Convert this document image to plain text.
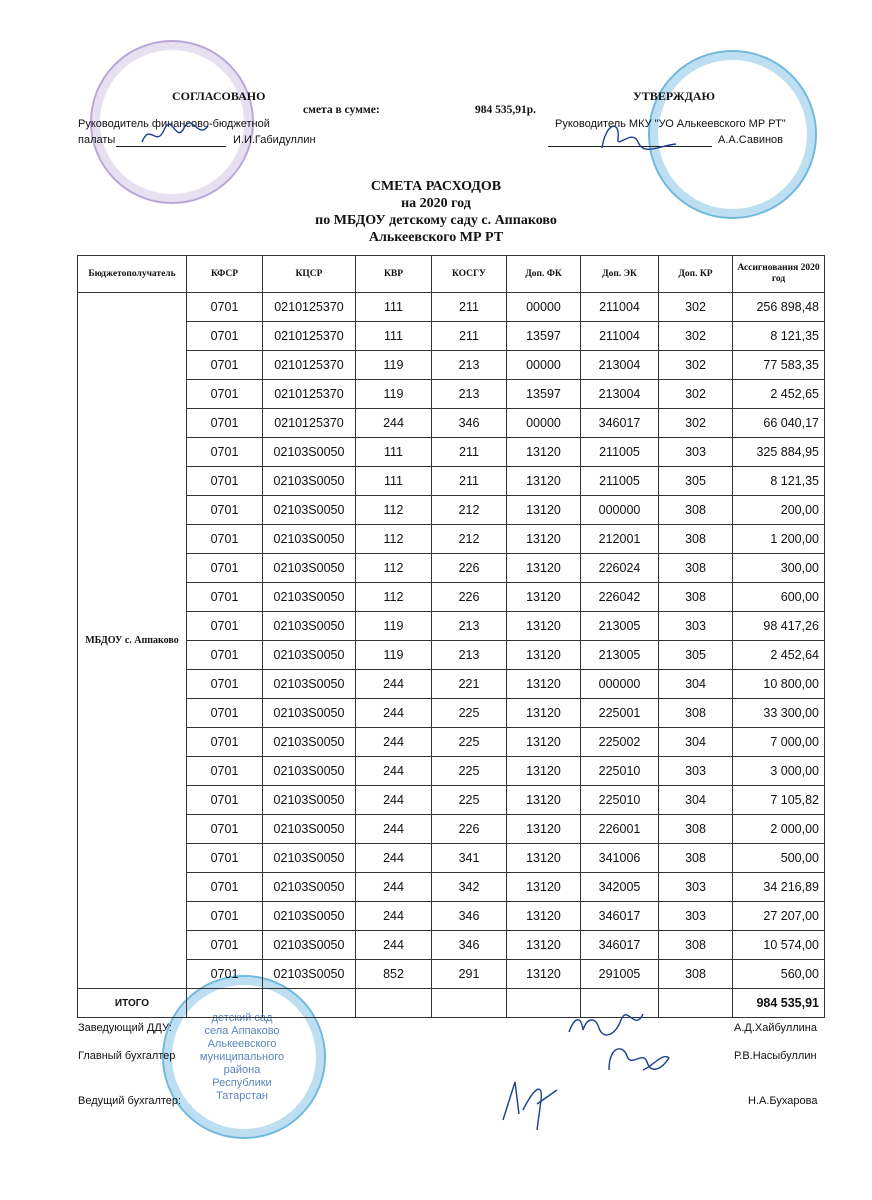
детский сад
села Аппаково
Алькеевского
муниципального района
Республики Татарстан
СОГЛАСОВАНО	УТВЕРЖДАЮ
смета в сумме:	984 535,91р.
Руководитель финансово-бюджетной
палаты	И.И.Габидуллин
Руководитель МКУ "УО Алькеевского МР РТ"
А.А.Савинов
СМЕТА РАСХОДОВ
на 2020 год
по МБДОУ детскому саду с. Аппаково
Алькеевского МР РТ
Бюджетополучатель	КФСР	КЦСР	КВР	КОСГУ	Доп. ФК	Доп. ЭК	Доп. КР	Ассигнования 2020 год
МБДОУ с. Аппаково	0701	0210125370	111	211	00000	211004	302	256 898,48
	0701	0210125370	111	211	13597	211004	302	8 121,35
	0701	0210125370	119	213	00000	213004	302	77 583,35
	0701	0210125370	119	213	13597	213004	302	2 452,65
	0701	0210125370	244	346	00000	346017	302	66 040,17
	0701	02103S0050	111	211	13120	211005	303	325 884,95
	0701	02103S0050	111	211	13120	211005	305	8 121,35
	0701	02103S0050	112	212	13120	000000	308	200,00
	0701	02103S0050	112	212	13120	212001	308	1 200,00
	0701	02103S0050	112	226	13120	226024	308	300,00
	0701	02103S0050	112	226	13120	226042	308	600,00
	0701	02103S0050	119	213	13120	213005	303	98 417,26
	0701	02103S0050	119	213	13120	213005	305	2 452,64
	0701	02103S0050	244	221	13120	000000	304	10 800,00
	0701	02103S0050	244	225	13120	225001	308	33 300,00
	0701	02103S0050	244	225	13120	225002	304	7 000,00
	0701	02103S0050	244	225	13120	225010	303	3 000,00
	0701	02103S0050	244	225	13120	225010	304	7 105,82
	0701	02103S0050	244	226	13120	226001	308	2 000,00
	0701	02103S0050	244	341	13120	341006	308	500,00
	0701	02103S0050	244	342	13120	342005	303	34 216,89
	0701	02103S0050	244	346	13120	346017	303	27 207,00
	0701	02103S0050	244	346	13120	346017	308	10 574,00
	0701	02103S0050	852	291	13120	291005	308	560,00
ИТОГО								984 535,91
Заведующий ДДУ:	А.Д.Хайбуллина
Главный бухгалтер	Р.В.Насыбуллин
Ведущий бухгалтер:	Н.А.Бухарова
